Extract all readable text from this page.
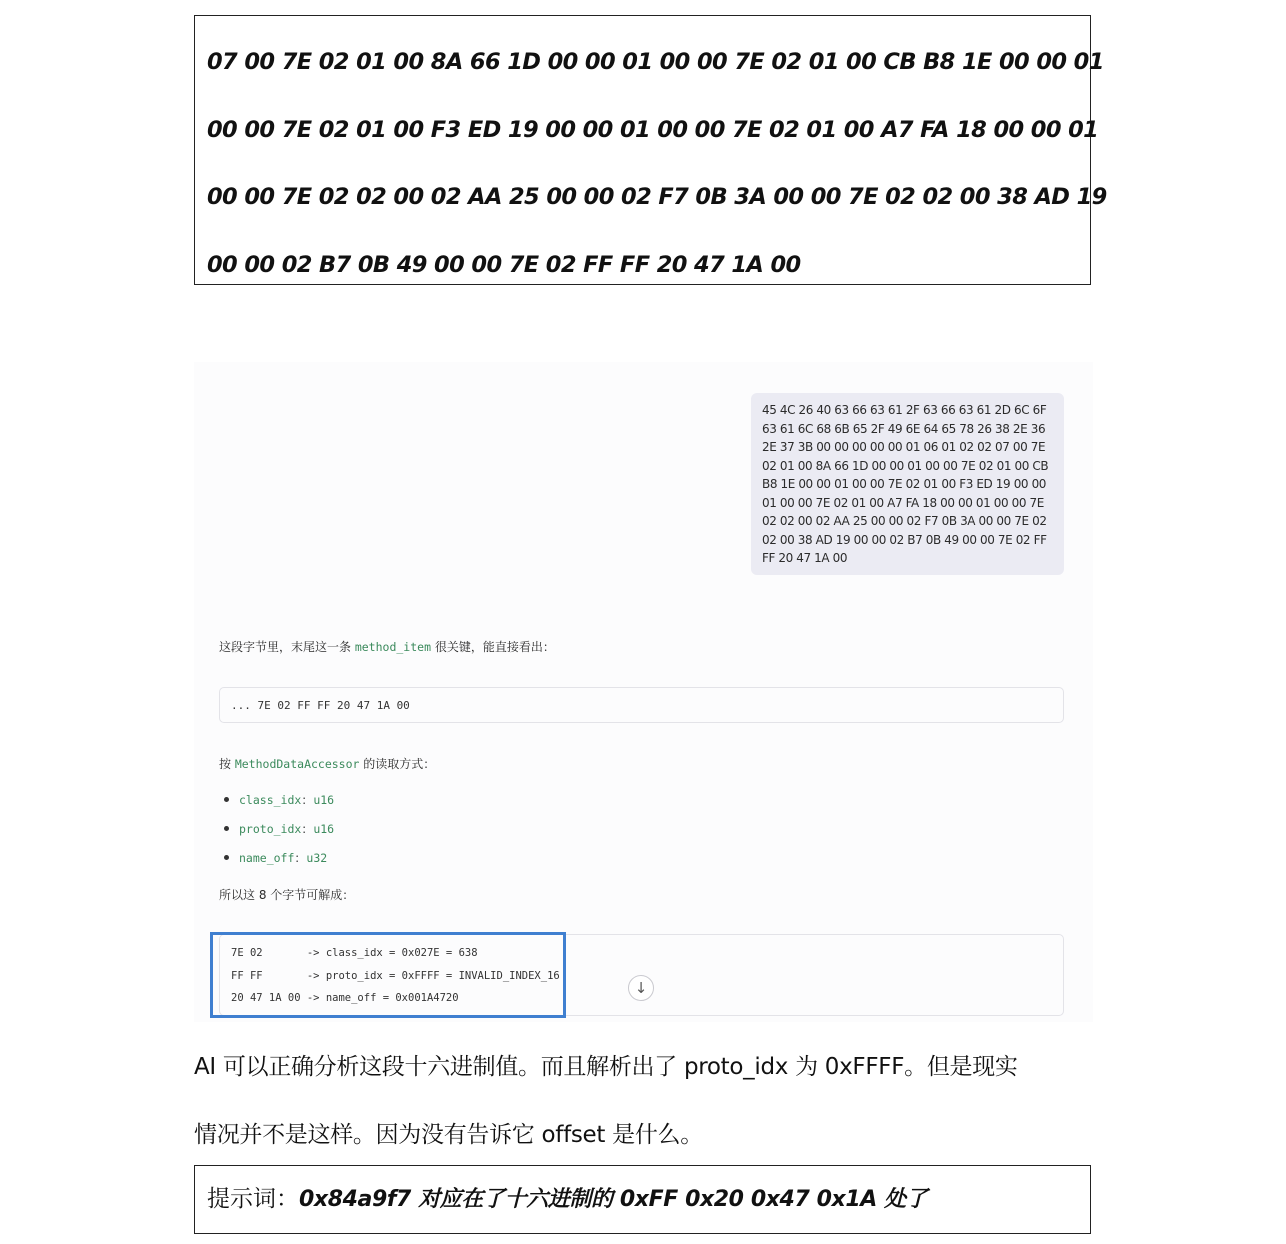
07 00 7E 02 01 00 8A 66 1D 00 00 01 00 00 7E 02 01 00 CB B8 1E 00 00 01
00 00 7E 02 01 00 F3 ED 19 00 00 01 00 00 7E 02 01 00 A7 FA 18 00 00 01
00 00 7E 02 02 00 02 AA 25 00 00 02 F7 0B 3A 00 00 7E 02 02 00 38 AD 19
00 00 02 B7 0B 49 00 00 7E 02 FF FF 20 47 1A 00
45 4C 26 40 63 66 63 61 2F 63 66 63 61 2D 6C 6F
63 61 6C 68 6B 65 2F 49 6E 64 65 78 26 38 2E 36
2E 37 3B 00 00 00 00 00 01 06 01 02 02 07 00 7E
02 01 00 8A 66 1D 00 00 01 00 00 7E 02 01 00 CB
B8 1E 00 00 01 00 00 7E 02 01 00 F3 ED 19 00 00
01 00 00 7E 02 01 00 A7 FA 18 00 00 01 00 00 7E
02 02 00 02 AA 25 00 00 02 F7 0B 3A 00 00 7E 02
02 00 38 AD 19 00 00 02 B7 0B 49 00 00 7E 02 FF
FF 20 47 1A 00
这段字节里，末尾这一条 method_item 很关键，能直接看出：
... 7E 02 FF FF 20 47 1A 00
按 MethodDataAccessor 的读取方式：
class_idx：u16
proto_idx：u16
name_off：u32
所以这 8 个字节可解成：
7E 02       -> class_idx = 0x027E = 638
FF FF       -> proto_idx = 0xFFFF = INVALID_INDEX_16
20 47 1A 00 -> name_off = 0x001A4720
↓
AI 可以正确分析这段十六进制值。而且解析出了 proto_idx 为 0xFFFF。但是现实
情况并不是这样。因为没有告诉它 offset 是什么。
提示词：0x84a9f7 对应在了十六进制的 0xFF 0x20 0x47 0x1A 处了
